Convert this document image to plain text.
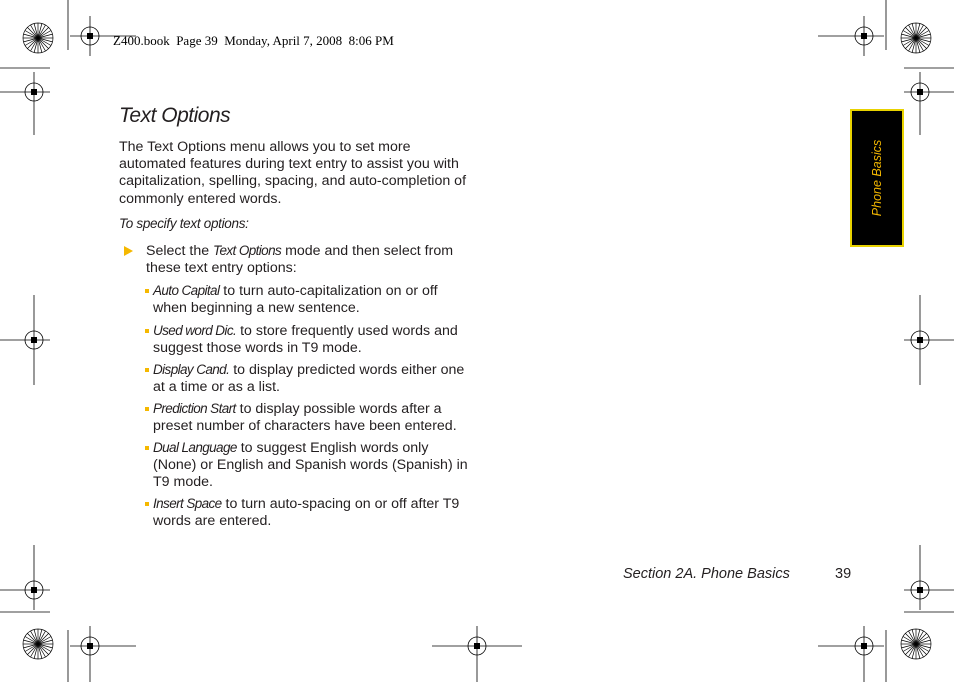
Z400.book  Page 39  Monday, April 7, 2008  8:06 PM
Text Options

The Text Options menu allows you to set more automated features during text entry to assist you with capitalization, spelling, spacing, and auto-completion of commonly entered words.

To specify text options:
Select the Text Options mode and then select from these text entry options:
Auto Capital to turn auto-capitalization on or off when beginning a new sentence.
Used word Dic. to store frequently used words and suggest those words in T9 mode.
Display Cand. to display predicted words either one at a time or as a list.
Prediction Start to display possible words after a preset number of characters have been entered.
Dual Language to suggest English words only (None) or English and Spanish words (Spanish) in T9 mode.
Insert Space to turn auto-spacing on or off after T9 words are entered.
Phone Basics
Section 2A. Phone Basics	39
